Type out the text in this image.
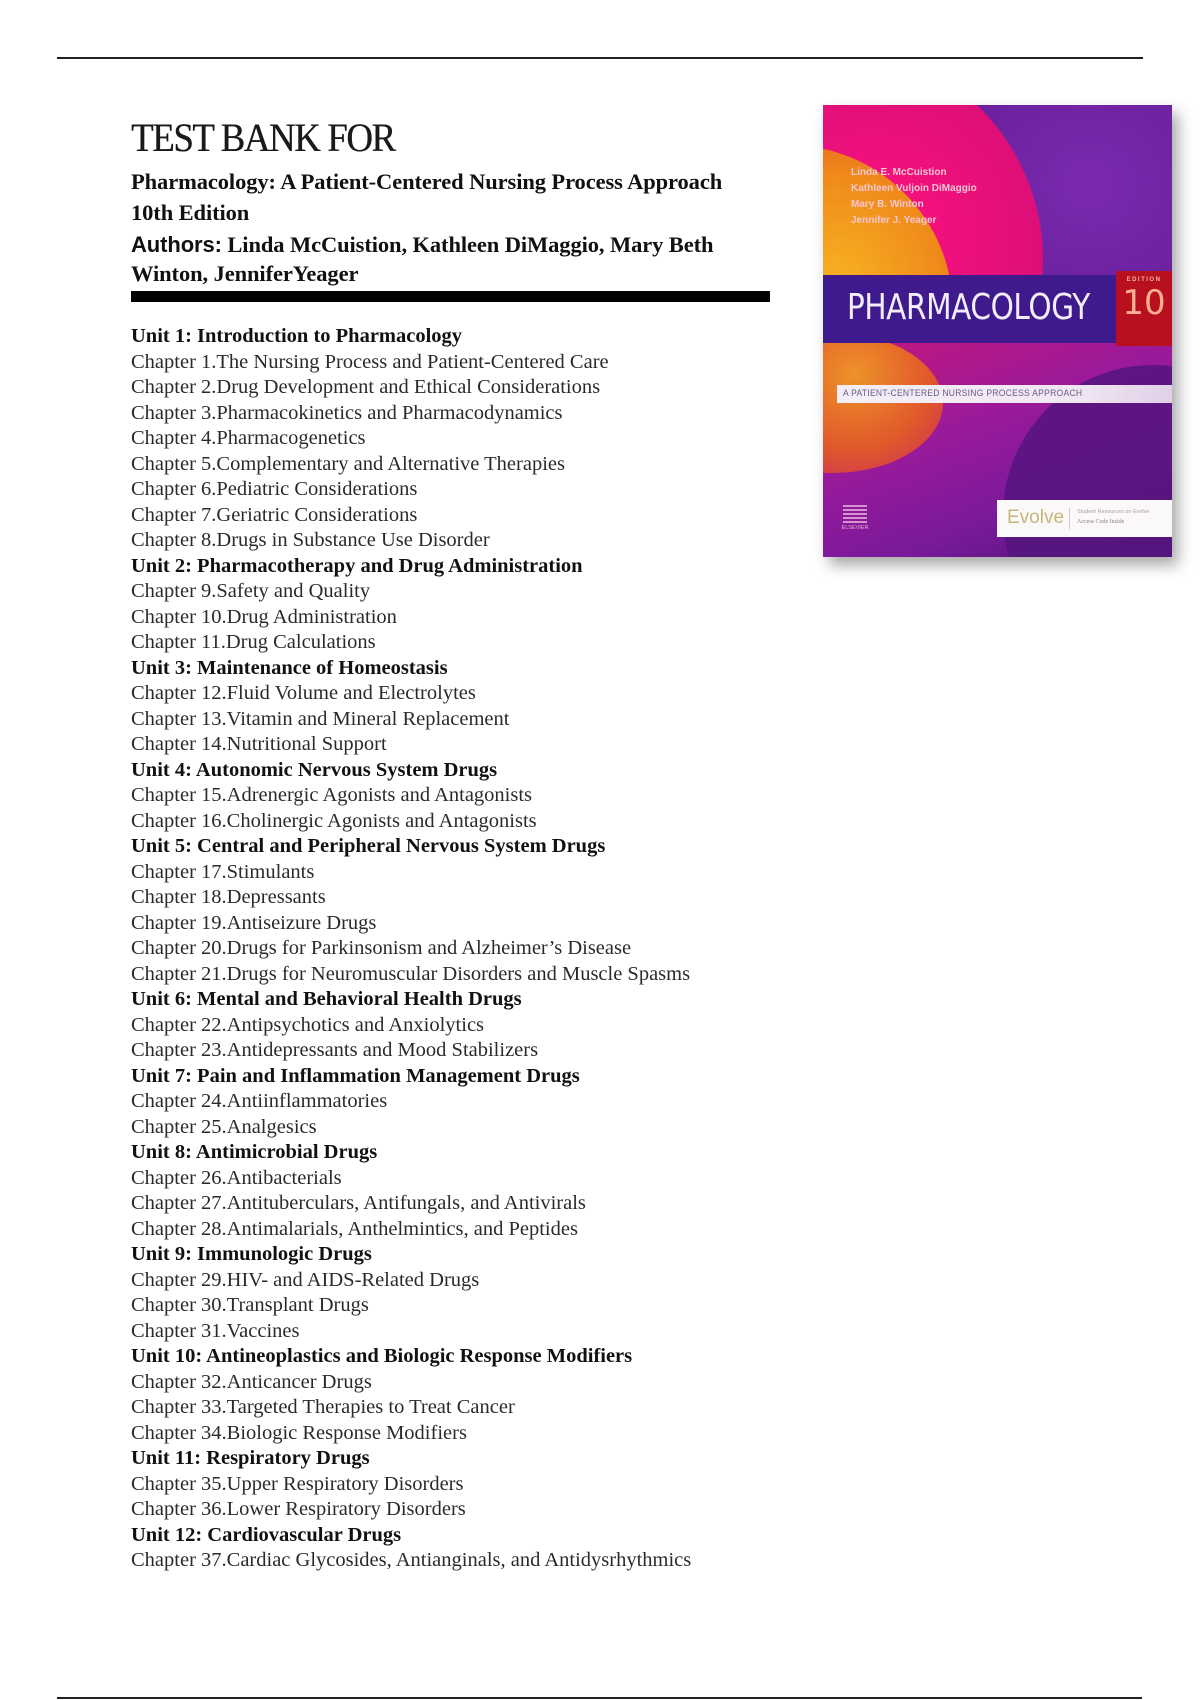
TEST BANK FOR
Pharmacology: A Patient-Centered Nursing Process Approach
10th Edition
Authors: Linda McCuistion, Kathleen DiMaggio, Mary Beth
Winton, JenniferYeager
Unit 1: Introduction to Pharmacology
Chapter 1.The Nursing Process and Patient-Centered Care
Chapter 2.Drug Development and Ethical Considerations
Chapter 3.Pharmacokinetics and Pharmacodynamics
Chapter 4.Pharmacogenetics
Chapter 5.Complementary and Alternative Therapies
Chapter 6.Pediatric Considerations
Chapter 7.Geriatric Considerations
Chapter 8.Drugs in Substance Use Disorder
Unit 2: Pharmacotherapy and Drug Administration
Chapter 9.Safety and Quality
Chapter 10.Drug Administration
Chapter 11.Drug Calculations
Unit 3: Maintenance of Homeostasis
Chapter 12.Fluid Volume and Electrolytes
Chapter 13.Vitamin and Mineral Replacement
Chapter 14.Nutritional Support
Unit 4: Autonomic Nervous System Drugs
Chapter 15.Adrenergic Agonists and Antagonists
Chapter 16.Cholinergic Agonists and Antagonists
Unit 5: Central and Peripheral Nervous System Drugs
Chapter 17.Stimulants
Chapter 18.Depressants
Chapter 19.Antiseizure Drugs
Chapter 20.Drugs for Parkinsonism and Alzheimer’s Disease
Chapter 21.Drugs for Neuromuscular Disorders and Muscle Spasms
Unit 6: Mental and Behavioral Health Drugs
Chapter 22.Antipsychotics and Anxiolytics
Chapter 23.Antidepressants and Mood Stabilizers
Unit 7: Pain and Inflammation Management Drugs
Chapter 24.Antiinflammatories
Chapter 25.Analgesics
Unit 8: Antimicrobial Drugs
Chapter 26.Antibacterials
Chapter 27.Antituberculars, Antifungals, and Antivirals
Chapter 28.Antimalarials, Anthelmintics, and Peptides
Unit 9: Immunologic Drugs
Chapter 29.HIV- and AIDS-Related Drugs
Chapter 30.Transplant Drugs
Chapter 31.Vaccines
Unit 10: Antineoplastics and Biologic Response Modifiers
Chapter 32.Anticancer Drugs
Chapter 33.Targeted Therapies to Treat Cancer
Chapter 34.Biologic Response Modifiers
Unit 11: Respiratory Drugs
Chapter 35.Upper Respiratory Disorders
Chapter 36.Lower Respiratory Disorders
Unit 12: Cardiovascular Drugs
Chapter 37.Cardiac Glycosides, Antianginals, and Antidysrhythmics
Linda E. McCuistion
Kathleen Vuljoin DiMaggio
Mary B. Winton
Jennifer J. Yeager
PHARMACOLOGY
EDITION
10
A PATIENT-CENTERED NURSING PROCESS APPROACH
ELSEVIER	Evolve Student Resources on Evolve
Access Code Inside
